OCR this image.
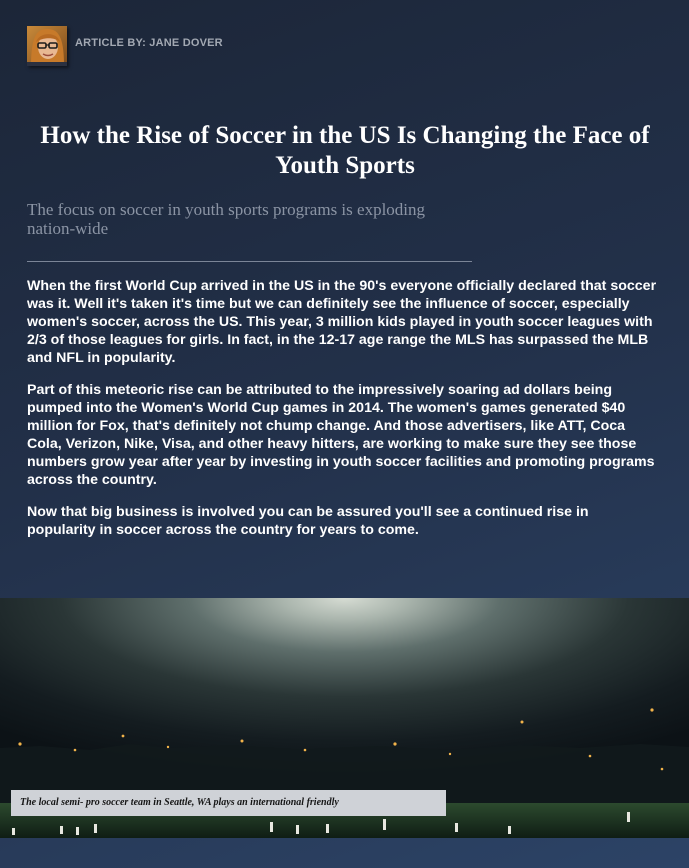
ARTICLE BY: JANE DOVER
How the Rise of Soccer in the US Is Changing the Face of Youth Sports

The focus on soccer in youth sports programs is exploding nation-wide

When the first World Cup arrived in the US in the 90's everyone officially declared that soccer was it. Well it's taken it's time but we can definitely see the influence of soccer, especially women's soccer, across the US. This year, 3 million kids played in youth soccer leagues with 2/3 of those leagues for girls. In fact, in the 12-17 age range the MLS has surpassed the MLB and NFL in popularity.

Part of this meteoric rise can be attributed to the impressively soaring ad dollars being pumped into the Women's World Cup games in 2014. The women's games generated $40 million for Fox, that's definitely not chump change. And those advertisers, like ATT, Coca Cola, Verizon, Nike, Visa, and other heavy hitters, are working to make sure they see those numbers grow year after year by investing in youth soccer facilities and promoting programs across the country.

Now that big business is involved you can be assured you'll see a continued rise in popularity in soccer across the country for years to come.

The local semi- pro soccer team in Seattle, WA plays an international friendly
